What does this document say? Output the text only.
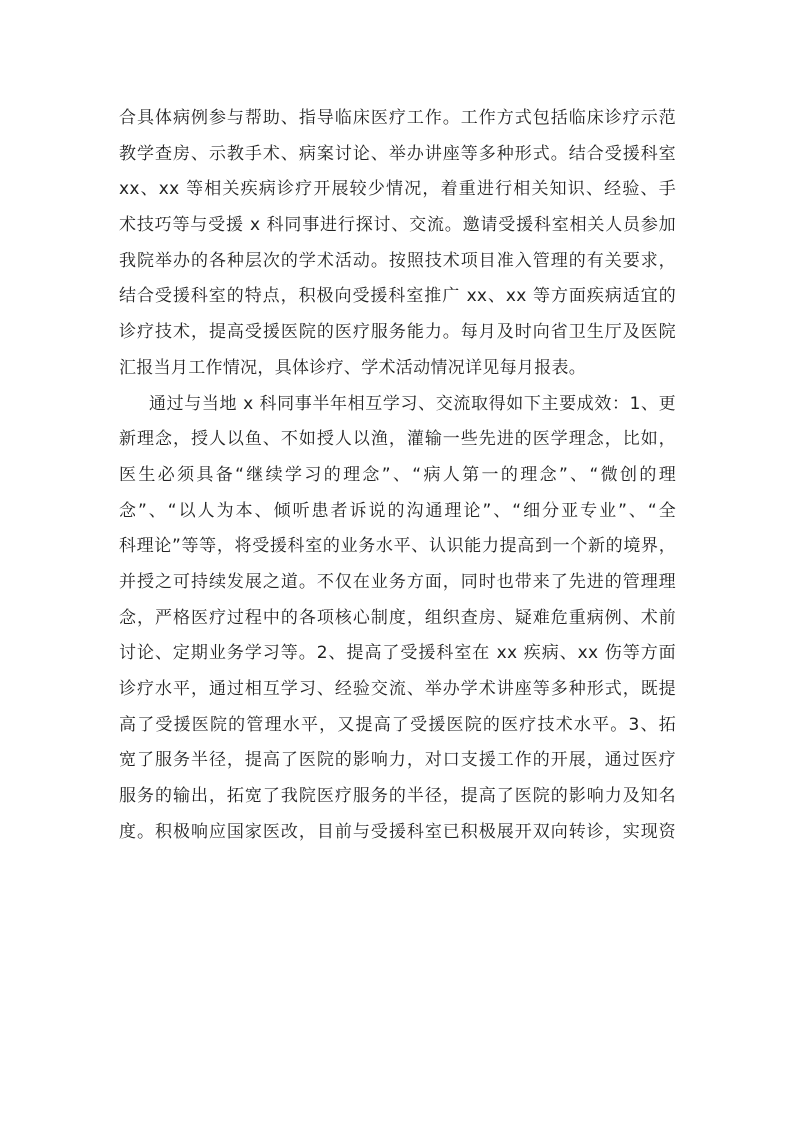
合具体病例参与帮助、指导临床医疗工作。工作方式包括临床诊疗示范
教学查房、示教手术、病案讨论、举办讲座等多种形式。结合受援科室
xx、xx 等相关疾病诊疗开展较少情况，着重进行相关知识、经验、手
术技巧等与受援 x 科同事进行探讨、交流。邀请受援科室相关人员参加
我院举办的各种层次的学术活动。按照技术项目准入管理的有关要求，
结合受援科室的特点，积极向受援科室推广 xx、xx 等方面疾病适宜的
诊疗技术，提高受援医院的医疗服务能力。每月及时向省卫生厅及医院
汇报当月工作情况，具体诊疗、学术活动情况详见每月报表。
通过与当地 x 科同事半年相互学习、交流取得如下主要成效：1、更
新理念，授人以鱼、不如授人以渔，灌输一些先进的医学理念，比如，
医生必须具备“继续学习的理念”、“病人第一的理念”、“微创的理
念”、“以人为本、倾听患者诉说的沟通理论”、“细分亚专业”、“全
科理论”等等，将受援科室的业务水平、认识能力提高到一个新的境界，
并授之可持续发展之道。不仅在业务方面，同时也带来了先进的管理理
念，严格医疗过程中的各项核心制度，组织查房、疑难危重病例、术前
讨论、定期业务学习等。2、提高了受援科室在 xx 疾病、xx 伤等方面
诊疗水平，通过相互学习、经验交流、举办学术讲座等多种形式，既提
高了受援医院的管理水平，又提高了受援医院的医疗技术水平。3、拓
宽了服务半径，提高了医院的影响力，对口支援工作的开展，通过医疗
服务的输出，拓宽了我院医疗服务的半径，提高了医院的影响力及知名
度。积极响应国家医改，目前与受援科室已积极展开双向转诊，实现资
